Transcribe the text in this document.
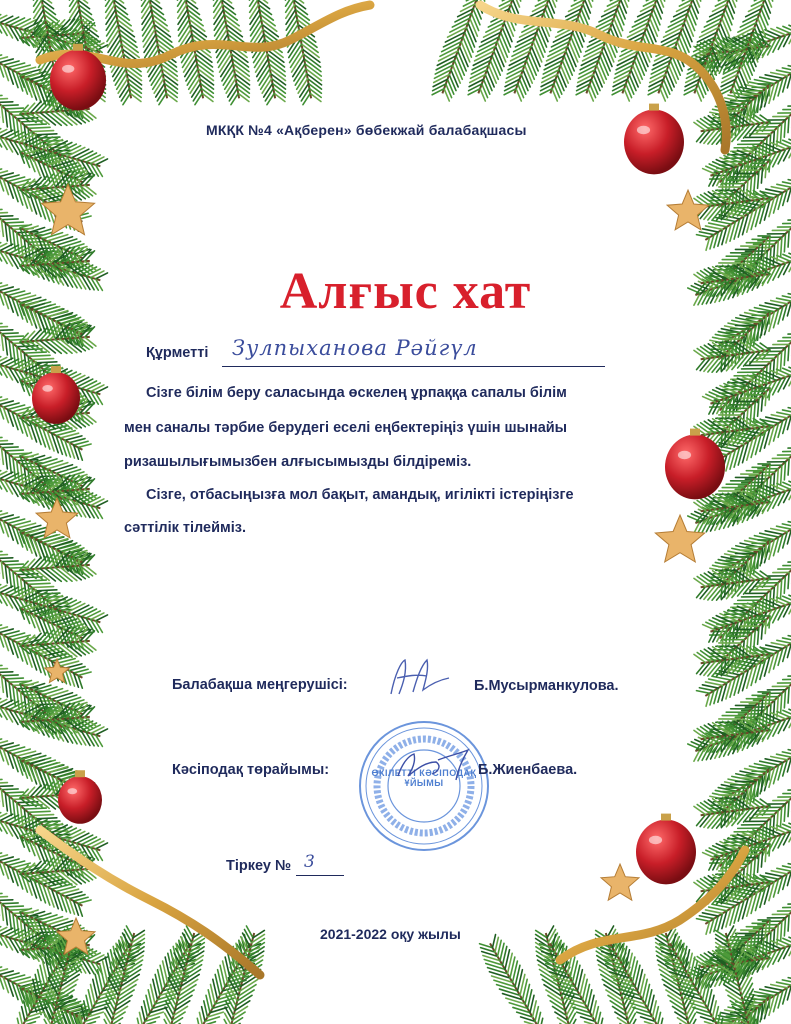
МКҚК №4 «Ақберен» бөбекжай балабақшасы
Алғыс хат
Құрметті Зулпыханова Рәйгүл
Сізге білім беру саласында өскелең ұрпаққа сапалы білім
мен саналы тәрбие берудегі еселі еңбектеріңіз үшін шынайы
ризашылығымызбен алғысымызды білдіреміз.
Сізге, отбасыңызға мол бақыт, амандық, игілікті істеріңізге
сәттілік тілейміз.
Балабақша меңгерушісі:	Б.Мусырманкулова.
ӨКІЛЕТТІ КӘСІПОДАҚ ҰЙЫМЫ
Кәсіподақ төрайымы:	Б.Жиенбаева.
Тіркеу № 3
2021-2022 оқу жылы
